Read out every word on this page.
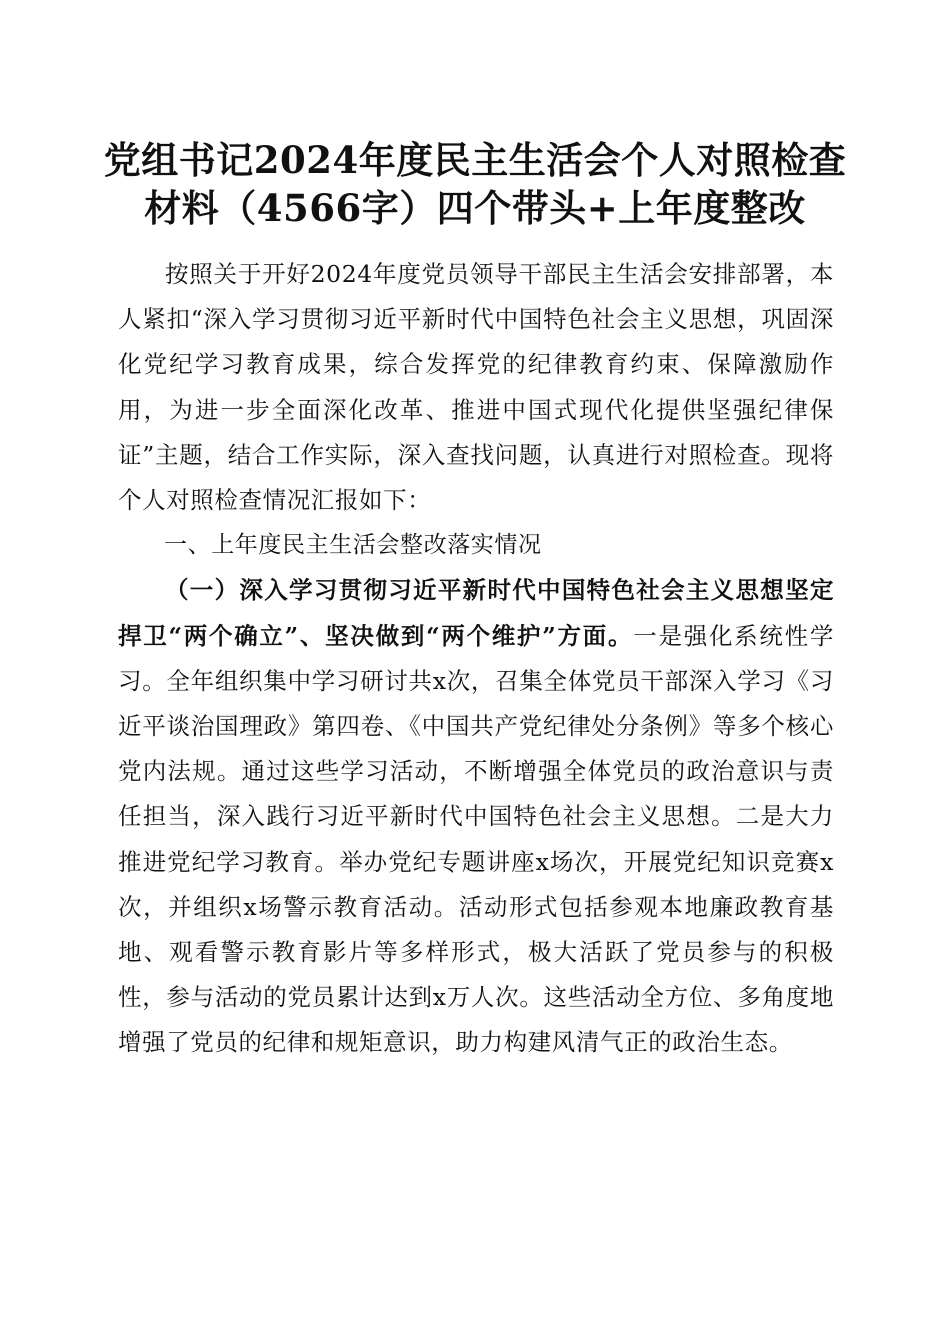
党组书记2024年度民主生活会个人对照检查
材料（4566字）四个带头+上年度整改

按照关于开好2024年度党员领导干部民主生活会安排部署，本人紧扣“深入学习贯彻习近平新时代中国特色社会主义思想，巩固深化党纪学习教育成果，综合发挥党的纪律教育约束、保障激励作用，为进一步全面深化改革、推进中国式现代化提供坚强纪律保证”主题，结合工作实际，深入查找问题，认真进行对照检查。现将个人对照检查情况汇报如下：

一、上年度民主生活会整改落实情况

（一）深入学习贯彻习近平新时代中国特色社会主义思想坚定捍卫“两个确立”、坚决做到“两个维护”方面。一是强化系统性学习。全年组织集中学习研讨共x次，召集全体党员干部深入学习《习近平谈治国理政》第四卷、《中国共产党纪律处分条例》等多个核心党内法规。通过这些学习活动，不断增强全体党员的政治意识与责任担当，深入践行习近平新时代中国特色社会主义思想。二是大力推进党纪学习教育。举办党纪专题讲座x场次，开展党纪知识竞赛x次，并组织x场警示教育活动。活动形式包括参观本地廉政教育基地、观看警示教育影片等多样形式，极大活跃了党员参与的积极性，参与活动的党员累计达到x万人次。这些活动全方位、多角度地增强了党员的纪律和规矩意识，助力构建风清气正的政治生态。
